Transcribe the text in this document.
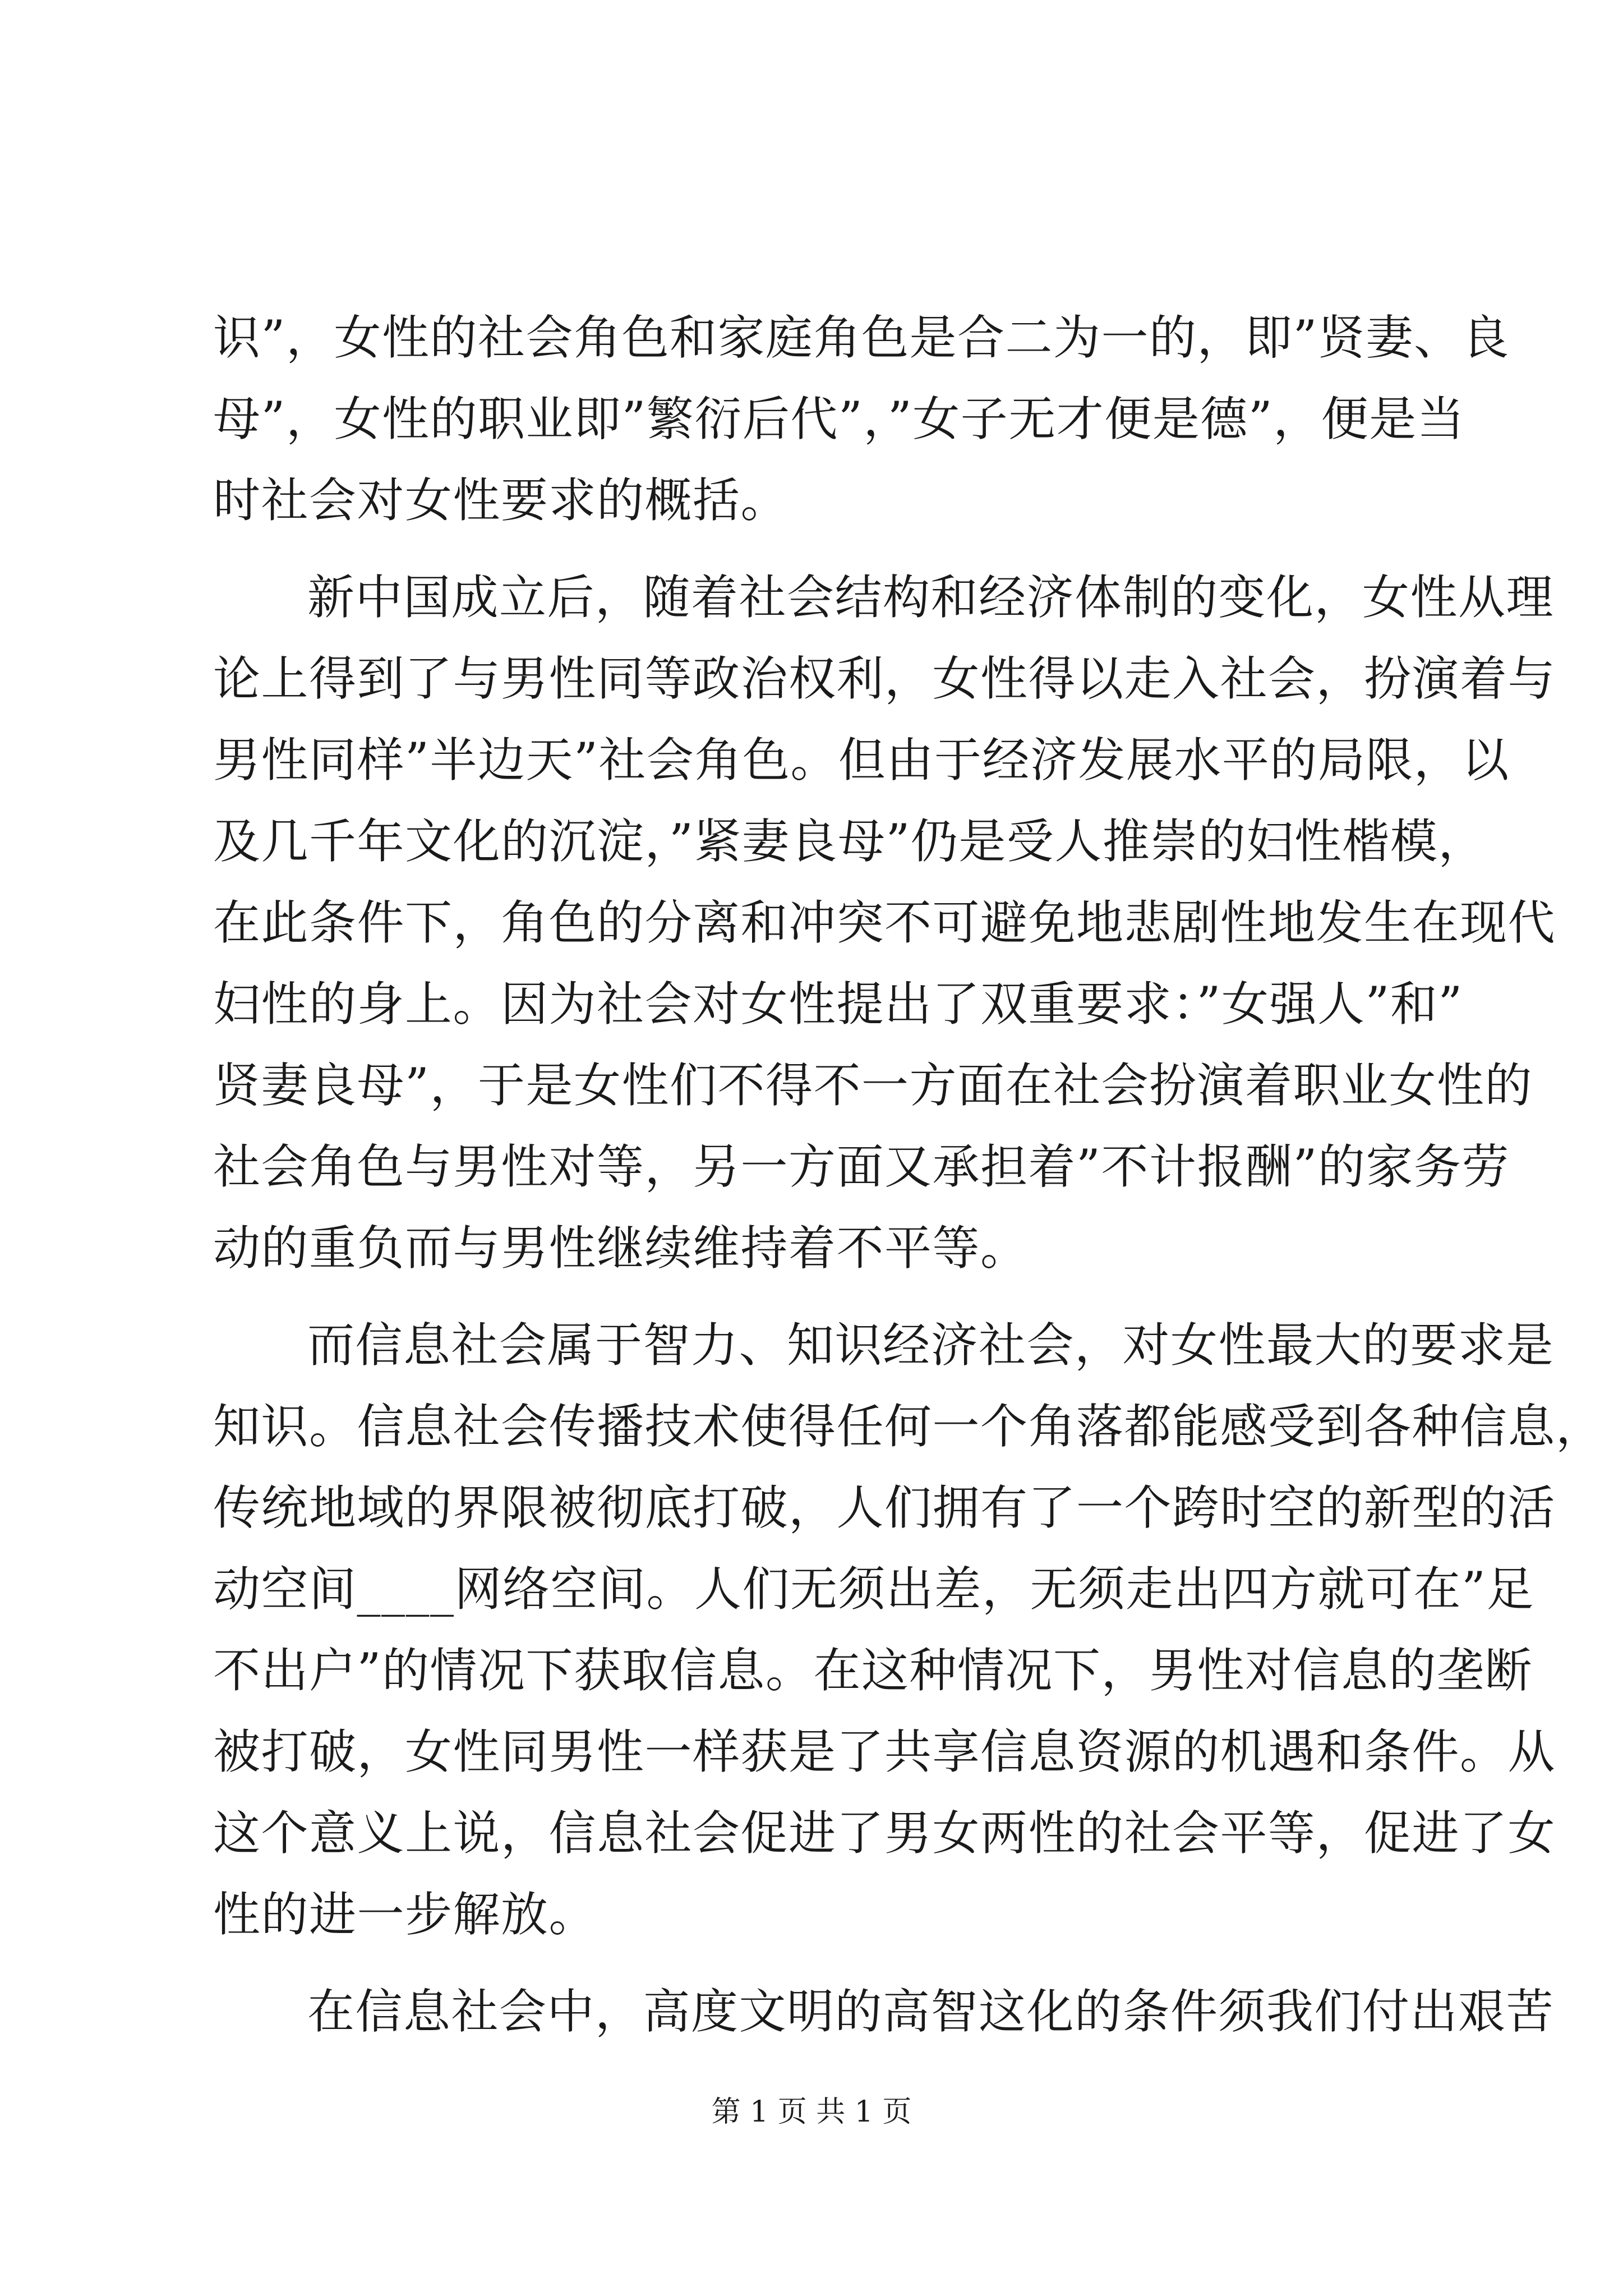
识”，女性的社会角色和家庭角色是合二为一的，即”贤妻、良
母”，女性的职业即”繁衍后代”，”女子无才便是德”，便是当
时社会对女性要求的概括。
新中国成立后，随着社会结构和经济体制的变化，女性从理
论上得到了与男性同等政治权利，女性得以走入社会，扮演着与
男性同样”半边天”社会角色。但由于经济发展水平的局限，以
及几千年文化的沉淀，”紧妻良母”仍是受人推崇的妇性楷模，
在此条件下，角色的分离和冲突不可避免地悲剧性地发生在现代
妇性的身上。因为社会对女性提出了双重要求：”女强人”和”
贤妻良母”，于是女性们不得不一方面在社会扮演着职业女性的
社会角色与男性对等，另一方面又承担着”不计报酬”的家务劳
动的重负而与男性继续维持着不平等。
而信息社会属于智力、知识经济社会，对女性最大的要求是
知识。信息社会传播技术使得任何一个角落都能感受到各种信息，
传统地域的界限被彻底打破，人们拥有了一个跨时空的新型的活
动空间____网络空间。人们无须出差，无须走出四方就可在”足
不出户”的情况下获取信息。在这种情况下，男性对信息的垄断
被打破，女性同男性一样获是了共享信息资源的机遇和条件。从
这个意义上说，信息社会促进了男女两性的社会平等，促进了女
性的进一步解放。
在信息社会中，高度文明的高智这化的条件须我们付出艰苦
第 1 页 共 1 页
